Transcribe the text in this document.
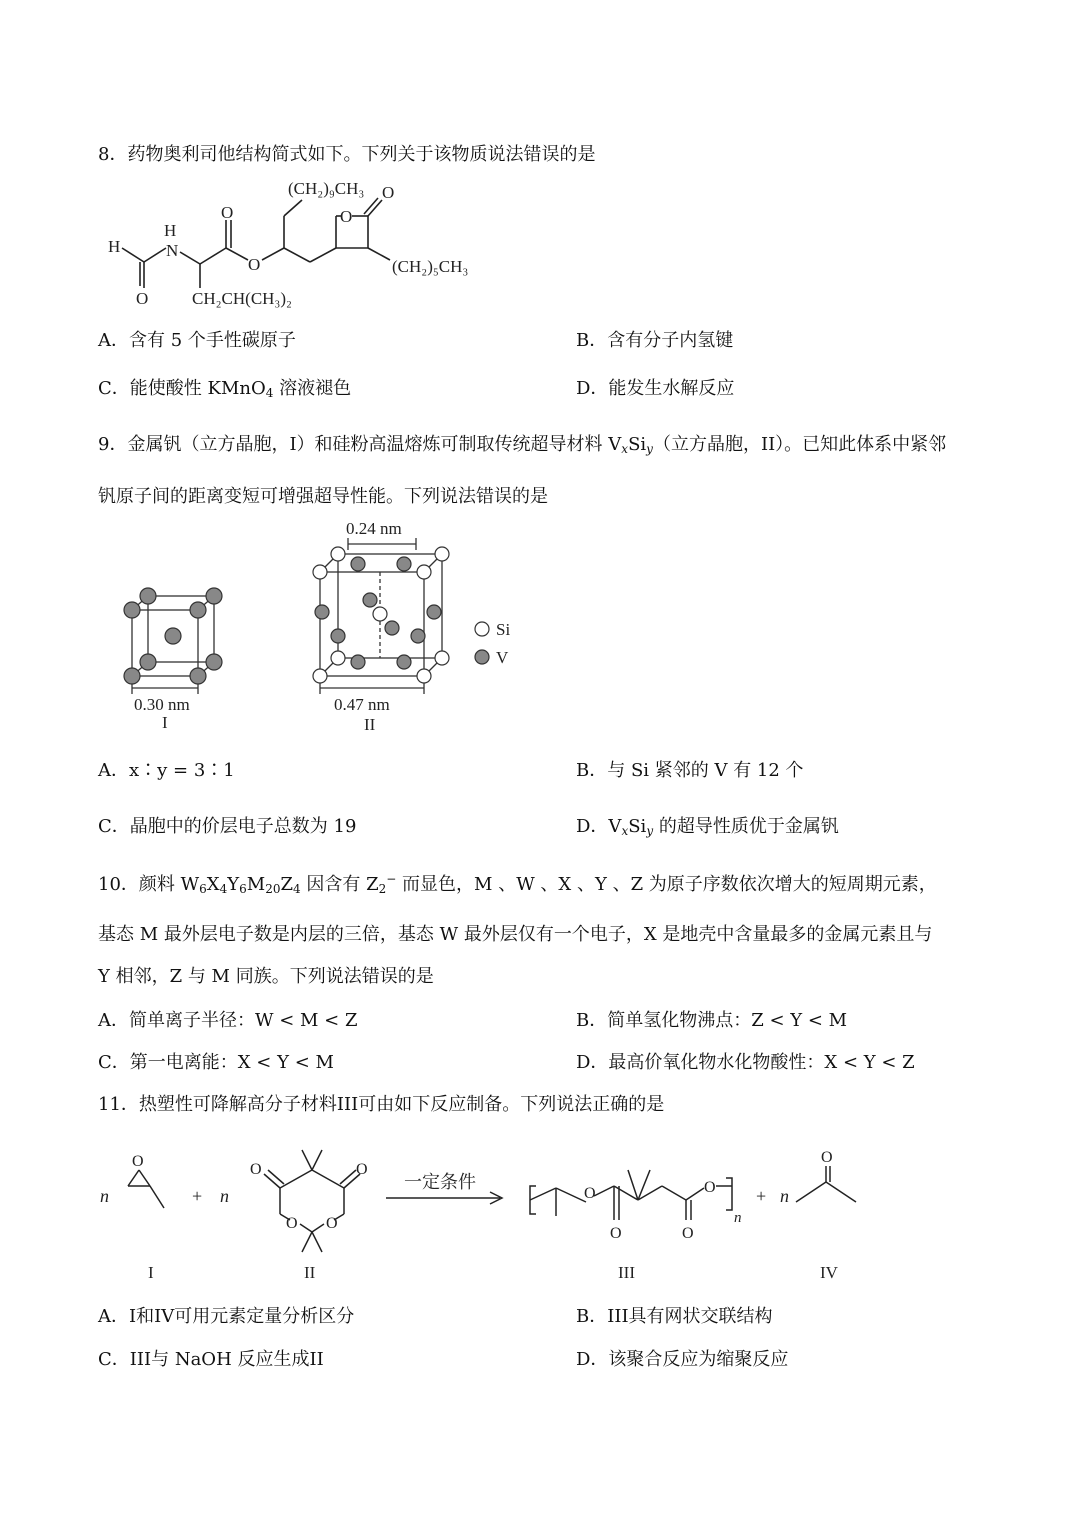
8．药物奥利司他结构简式如下。下列关于该物质说法错误的是
H
N
H
O
O
O
O
O
(CH₂)₉CH₃
(CH₂)₅CH₃
CH₂CH(CH₃)₂
A．含有 5 个手性碳原子	B．含有分子内氢键
C．能使酸性 KMnO$_4$ 溶液褪色	D．能发生水解反应
9．金属钒（立方晶胞，I）和硅粉高温熔炼可制取传统超导材料 $V_xSi_y$（立方晶胞，II）。已知此体系中紧邻
钒原子间的距离变短可增强超导性能。下列说法错误的是
0.30 nm
I
0.24 nm
0.47 nm
II
Si
V
A．x∶y = 3∶1	B．与 Si 紧邻的 V 有 12 个
C．晶胞中的价层电子总数为 19	D．$V_xSi_y$ 的超导性质优于金属钒
10．颜料 $W_6X_4Y_6M_{20}Z_4$ 因含有 $Z_2^-$ 而显色，M 、W 、X 、Y 、Z 为原子序数依次增大的短周期元素，
基态 M 最外层电子数是内层的三倍，基态 W 最外层仅有一个电子，X 是地壳中含量最多的金属元素且与
Y 相邻，Z 与 M 同族。下列说法错误的是
A．简单离子半径：W < M < Z	B．简单氢化物沸点：Z < Y < M
C．第一电离能：X < Y < M	D．最高价氧化物水化物酸性：X < Y < Z
11．热塑性可降解高分子材料III可由如下反应制备。下列说法正确的是
n
O
+ n
O	O
O O
一定条件
O
O	O
O
n
+ n
O
I	II	III	IV
A．I和IV可用元素定量分析区分	B．III具有网状交联结构
C．III与 NaOH 反应生成II	D．该聚合反应为缩聚反应
